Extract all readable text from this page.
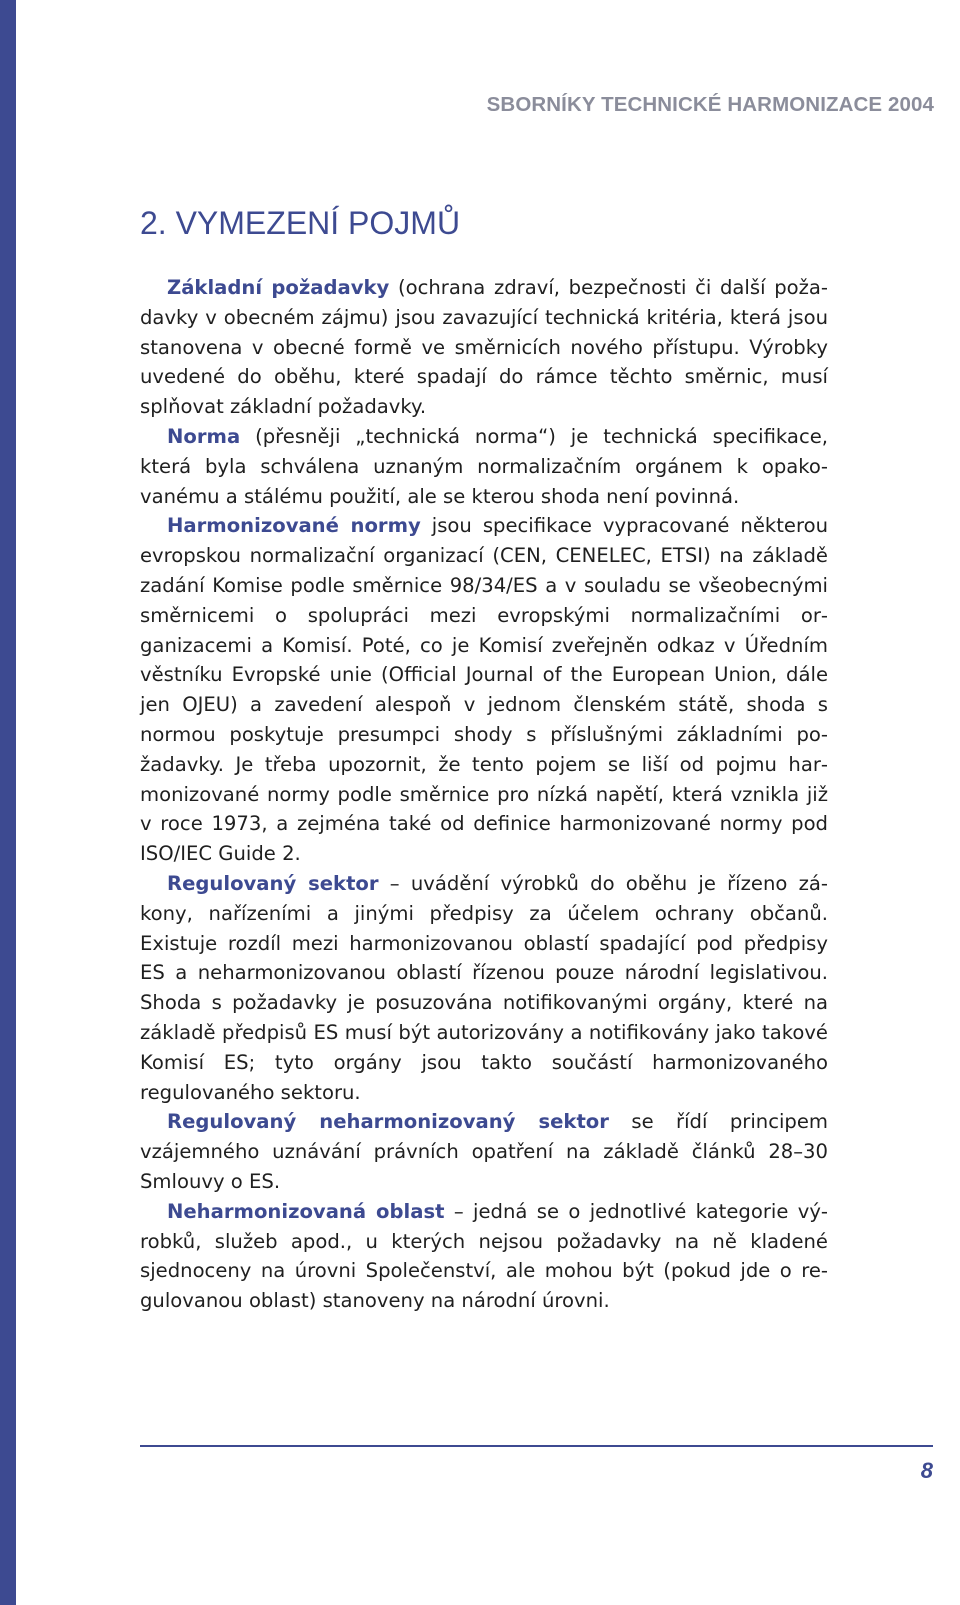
SBORNÍKY TECHNICKÉ HARMONIZACE 2004
2. VYMEZENÍ POJMŮ

Základní požadavky (ochrana zdraví, bezpečnosti či další požadavky v obecném zájmu) jsou zavazující technická kritéria, která jsou stanovena v obecné formě ve směrnicích nového přístupu. Výrobky uvedené do oběhu, které spadají do rámce těchto směrnic, musí splňovat základní požadavky.

Norma (přesněji „technická norma“) je technická specifikace, která byla schválena uznaným normalizačním orgánem k opakovanému a stálému použití, ale se kterou shoda není povinná.

Harmonizované normy jsou specifikace vypracované některou evropskou normalizační organizací (CEN, CENELEC, ETSI) na základě zadání Komise podle směrnice 98/34/ES a v souladu se všeobecnými směrnicemi o spolupráci mezi evropskými normalizačními organizacemi a Komisí. Poté, co je Komisí zveřejněn odkaz v Úředním věstníku Evropské unie (Official Journal of the European Union, dále jen OJEU) a zavedení alespoň v jednom členském státě, shoda s normou poskytuje presumpci shody s příslušnými základními požadavky. Je třeba upozornit, že tento pojem se liší od pojmu harmonizované normy podle směrnice pro nízká napětí, která vznikla již v roce 1973, a zejména také od definice harmonizované normy pod ISO/IEC Guide 2.

Regulovaný sektor – uvádění výrobků do oběhu je řízeno zákony, nařízeními a jinými předpisy za účelem ochrany občanů. Existuje rozdíl mezi harmonizovanou oblastí spadající pod předpisy ES a neharmonizovanou oblastí řízenou pouze národní legislativou. Shoda s požadavky je posuzována notifikovanými orgány, které na základě předpisů ES musí být autorizovány a notifikovány jako takové Komisí ES; tyto orgány jsou takto součástí harmonizovaného regulovaného sektoru.

Regulovaný neharmonizovaný sektor se řídí principem vzájemného uznávání právních opatření na základě článků 28–30 Smlouvy o ES.

Neharmonizovaná oblast – jedná se o jednotlivé kategorie výrobků, služeb apod., u kterých nejsou požadavky na ně kladené sjednoceny na úrovni Společenství, ale mohou být (pokud jde o regulovanou oblast) stanoveny na národní úrovni.

8
